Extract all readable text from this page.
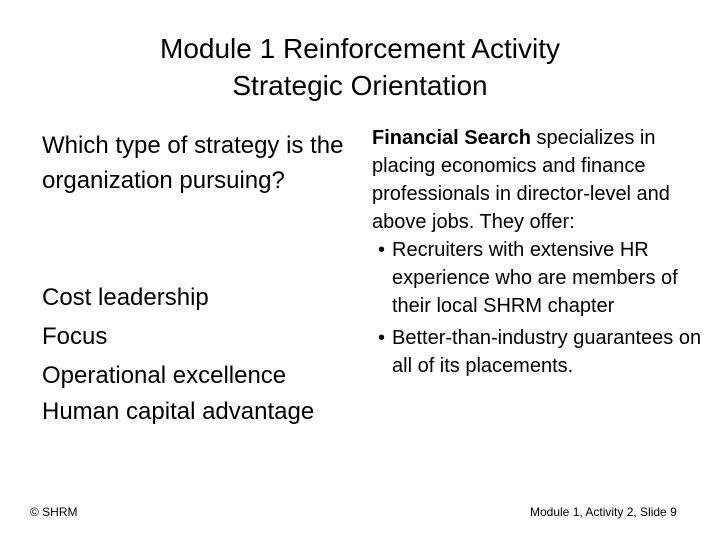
Module 1 Reinforcement Activity
Strategic Orientation
Which type of strategy is the organization pursuing?
Cost leadership
Focus
Operational excellence
Human capital advantage
Financial Search specializes in placing economics and finance professionals in director-level and above jobs. They offer:
• Recruiters with extensive HR experience who are members of their local SHRM chapter
• Better-than-industry guarantees on all of its placements.
© SHRM	Module 1, Activity 2, Slide 9
